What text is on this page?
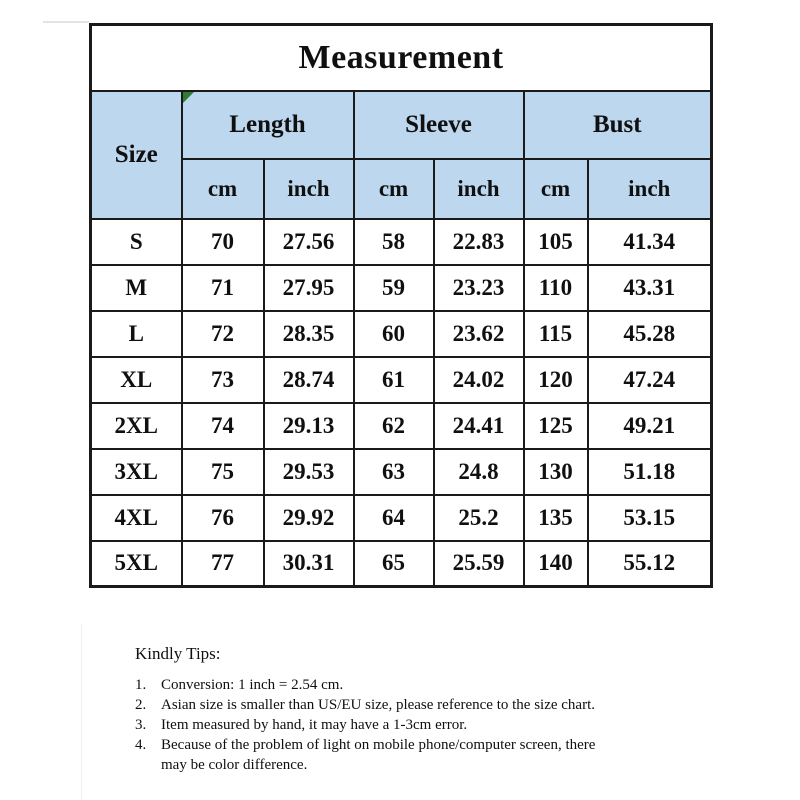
Measurement						

Size	Length		Sleeve		Bust	
	cm	inch	cm	inch	cm	inch
S	70	27.56	58	22.83	105	41.34
M	71	27.95	59	23.23	110	43.31
L	72	28.35	60	23.62	115	45.28
XL	73	28.74	61	24.02	120	47.24
2XL	74	29.13	62	24.41	125	49.21
3XL	75	29.53	63	24.8	130	51.18
4XL	76	29.92	64	25.2	135	53.15
5XL	77	30.31	65	25.59	140	55.12
Kindly Tips:
1. Conversion: 1 inch = 2.54 cm.
2. Asian size is smaller than US/EU size, please reference to the size chart.
3. Item measured by hand, it may have a 1-3cm error.
4. Because of the problem of light on mobile phone/computer screen, there may be color difference.
